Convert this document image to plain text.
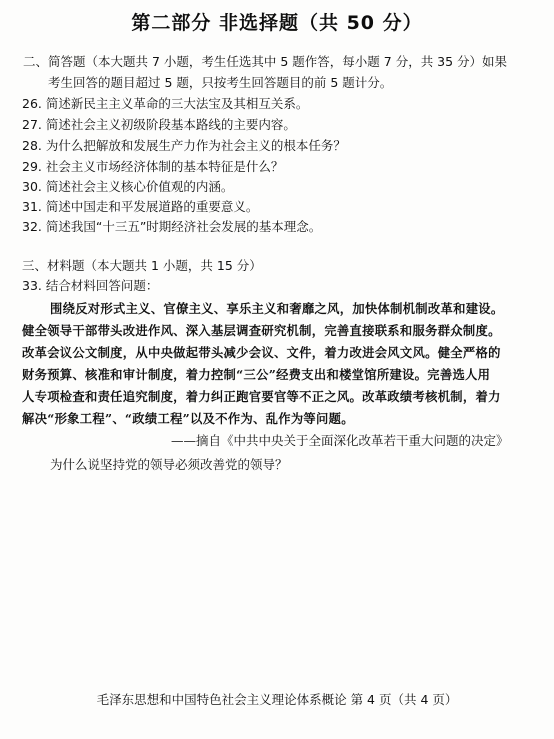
第二部分 非选择题（共 50 分）
二、简答题（本大题共 7 小题，考生任选其中 5 题作答，每小题 7 分，共 35 分）如果
考生回答的题目超过 5 题，只按考生回答题目的前 5 题计分。
26. 简述新民主主义革命的三大法宝及其相互关系。
27. 简述社会主义初级阶段基本路线的主要内容。
28. 为什么把解放和发展生产力作为社会主义的根本任务？
29. 社会主义市场经济体制的基本特征是什么？
30. 简述社会主义核心价值观的内涵。
31. 简述中国走和平发展道路的重要意义。
32. 简述我国“十三五”时期经济社会发展的基本理念。
三、材料题（本大题共 1 小题，共 15 分）
33. 结合材料回答问题：
围绕反对形式主义、官僚主义、享乐主义和奢靡之风，加快体制机制改革和建设。
健全领导干部带头改进作风、深入基层调查研究机制，完善直接联系和服务群众制度。
改革会议公文制度，从中央做起带头减少会议、文件，着力改进会风文风。健全严格的
财务预算、核准和审计制度，着力控制“三公”经费支出和楼堂馆所建设。完善选人用
人专项检查和责任追究制度，着力纠正跑官要官等不正之风。改革政绩考核机制，着力
解决“形象工程”、“政绩工程”以及不作为、乱作为等问题。
——摘自《中共中央关于全面深化改革若干重大问题的决定》
为什么说坚持党的领导必须改善党的领导？
毛泽东思想和中国特色社会主义理论体系概论 第 4 页（共 4 页）
